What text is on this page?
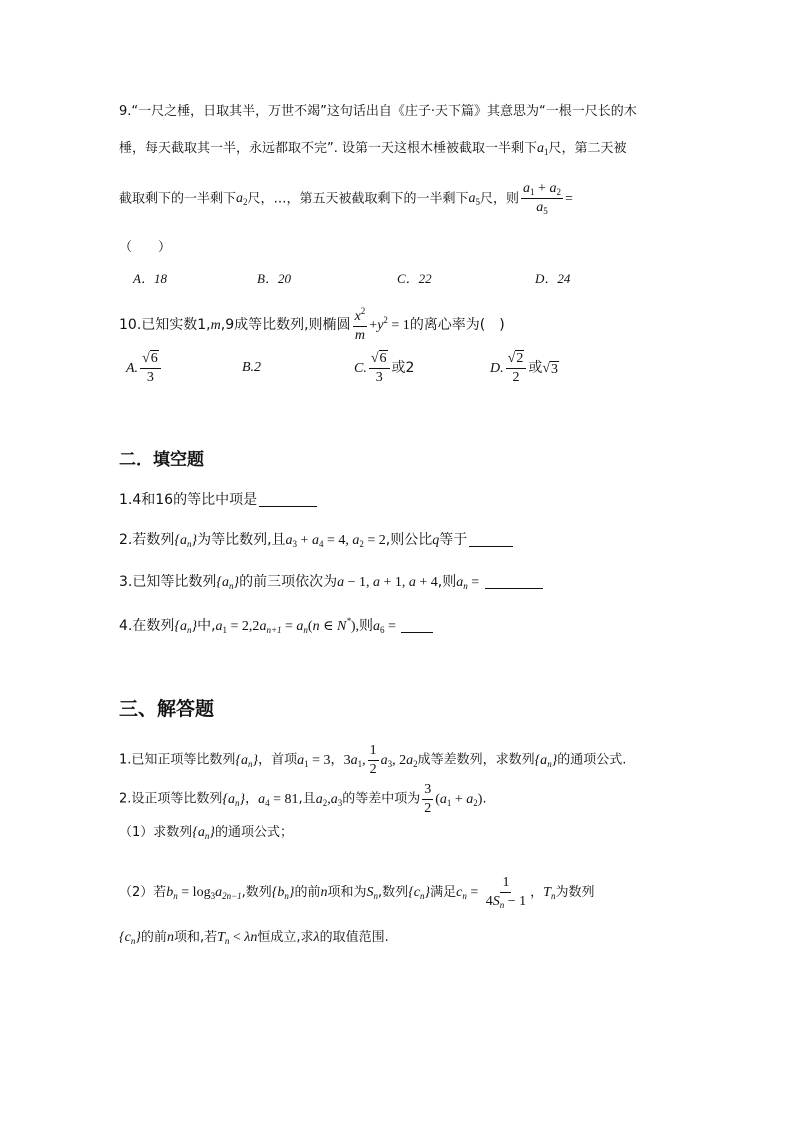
9.“一尺之棰，日取其半，万世不竭”这句话出自《庄子·天下篇》其意思为“一根一尺长的木
棰，每天截取其一半，永远都取不完”. 设第一天这根木棰被截取一半剩下$a_1$尺，第二天被
截取剩下的一半剩下$a_2$尺，…，第五天被截取剩下的一半剩下$a_5$尺，则 $\frac{a_1 + a_2}{a_5}$ =
（　　）
A．18	B．20	C．22	D．24
10.已知实数1,m,9成等比数列,则椭圆 $\frac{x^2}{m} +y^2 = 1$的离心率为(　)
A. $\frac{√ 6}{3}$	B.2	C. $\frac{√ 6}{3}$ 或2	D. $\frac{√ 2}{2}$ 或√ 3
二．填空题
1.4和16的等比中项是
2.若数列$\{a_n\}$为等比数列,且$a_3 + a_4 = 4$, $a_2 = 2$,则公比q等于
3.已知等比数列$\{a_n\}$的前三项依次为a − 1, a + 1, a + 4,则$a_n$ =
4.在数列$\{a_n\}$中$,a_1 = 2,2a_{n+1} = a_n(n$ ∈ N*),则$a_6$ =
三、解答题
1.已知正项等比数列$\{a_n\}$，首项$a_1 = 3$，$3a_1$, $\frac{1}{2} a_3$, $2a_2$成等差数列，求数列$\{a_n\}$的通项公式.
2.设正项等比数列$\{a_n\}$，$a_4 = 81$,且$a_2,a_3$的等差中项为 $\frac{3}{2} (a_1 + a_2)$.
（1）求数列$\{a_n\}$的通项公式；
（2）若$b_n = \log_3a_{2n-1}$,数列$\{b_n\}$的前n项和为$S_n$,数列$\{c_n\}$满足$c_n = \frac{1}{4S_n - 1}$ ，$T_n$为数列
$\{c_n\}$的前n项和,若$T_n < \lambda n$恒成立,求λ的取值范围.
